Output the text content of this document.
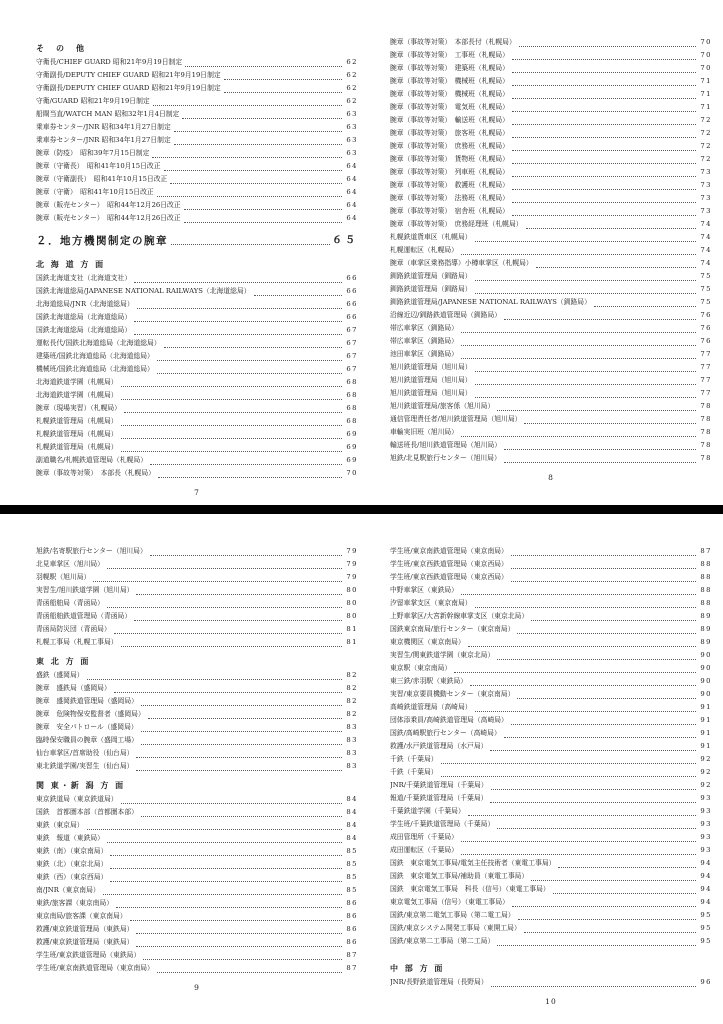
そ　の　他
守衛長/CHIEF GUARD 昭和21年9月19日制定	62
守衛副長/DEPUTY CHIEF GUARD 昭和21年9月19日制定	62
守衛副長/DEPUTY CHIEF GUARD 昭和21年9月19日制定	62
守衛/GUARD 昭和21年9月19日制定	62
船閘当直/WATCH MAN 昭和32年1月4日制定	63
乗車券センター/JNR 昭和34年1月27日制定	63
乗車券センター/JNR 昭和34年1月27日制定	63
腕章（防疫）　昭和39年7月15日制定	63
腕章（守衛長）　昭和41年10月15日改正	64
腕章（守衛副長）　昭和41年10月15日改正	64
腕章（守衛）　昭和41年10月15日改正	64
腕章（販売センター）　昭和44年12月26日改正	64
腕章（販売センター）　昭和44年12月26日改正	64
２．地方機関制定の腕章	６５
北 海 道 方 面
国鉄北海道支社（北海道支社）	66
国鉄北海道総局/JAPANESE NATIONAL RAILWAYS（北海道総局）	66
北海道総局/JNR（北海道総局）	66
国鉄北海道総局（北海道総局）	66
国鉄北海道総局（北海道総局）	67
運転長代/国鉄北海道総局（北海道総局）	67
建築班/国鉄北海道総局（北海道総局）	67
機械班/国鉄北海道総局（北海道総局）	67
北海道鉄道学園（札幌局）	68
北海道鉄道学園（札幌局）	68
腕章（現場実習）（札幌局）	68
札幌鉄道管理局（札幌局）	68
札幌鉄道管理局（札幌局）	69
札幌鉄道管理局（札幌局）	69
副道職名/札幌鉄道管理局（札幌局）	69
腕章（事故等対策）　本部長（札幌局）	70
7
腕章（事故等対策）　本部長付（札幌局）	70
腕章（事故等対策）　工事班（札幌局）	70
腕章（事故等対策）　建築班（札幌局）	70
腕章（事故等対策）　機械班（札幌局）	71
腕章（事故等対策）　機械班（札幌局）	71
腕章（事故等対策）　電気班（札幌局）	71
腕章（事故等対策）　輸送班（札幌局）	72
腕章（事故等対策）　旅客班（札幌局）	72
腕章（事故等対策）　庶務班（札幌局）	72
腕章（事故等対策）　貨物班（札幌局）	72
腕章（事故等対策）　列車班（札幌局）	73
腕章（事故等対策）　救護班（札幌局）	73
腕章（事故等対策）　法務班（札幌局）	73
腕章（事故等対策）　宿舎班（札幌局）	73
腕章（事故等対策）　庶務経理班（札幌局）	74
札幌鉄道貨車区（札幌局）	74
札幌運転区（札幌局）	74
腕章（車掌区乗務指導）小樽車掌区（札幌局）	74
釧路鉄道管理局（釧路局）	75
釧路鉄道管理局（釧路局）	75
釧路鉄道管理局/JAPANESE NATIONAL RAILWAYS（釧路局）	75
沿線近辺/釧路鉄道管理局（釧路局）	76
帯広車掌区（釧路局）	76
帯広車掌区（釧路局）	76
池田車掌区（釧路局）	77
旭川鉄道管理局（旭川局）	77
旭川鉄道管理局（旭川局）	77
旭川鉄道管理局（旭川局）	77
旭川鉄道管理局/旅客係（旭川局）	78
通信管理責任者/旭川鉄道管理局（旭川局）	78
車輪実旧班（旭川局）	78
輸送班長/旭川鉄道管理局（旭川局）	78
旭鉄/北見駅旅行センター（旭川局）	78
8
旭鉄/名寄駅旅行センター（旭川局）	79
北見車掌区（旭川局）	79
羽幌駅（旭川局）	79
実習生/旭川鉄道学園（旭川局）	80
青函船舶局（青函局）	80
青函船舶鉄道管理局（青函局）	80
青函局防災団（青函局）	81
札幌工事局（札幌工事局）	81
東 北 方 面
盛鉄（盛岡局）	82
腕章　盛鉄局（盛岡局）	82
腕章　盛岡鉄道管理局（盛岡局）	82
腕章　危険物保安監督者（盛岡局）	82
腕章　安全パトロール（盛岡局）	83
臨時保安職員の腕章（盛岡工場）	83
仙台車掌区/首席助役（仙台局）	83
東北鉄道学園/実習生（仙台局）	83
関 東・新 潟 方 面
東京鉄道局（東京鉄道局）	84
国鉄　首都圏本部（首都圏本部）	84
東鉄（東京局）	84
東鉄　報道（東鉄局）	84
東鉄（南）（東京南局）	85
東鉄（北）（東京北局）	85
東鉄（西）（東京西局）	85
南/JNR（東京南局）	85
東鉄/旅客課（東京南局）	86
東京南局/旅客課（東京南局）	86
救護/東京鉄道管理局（東鉄局）	86
救護/東京鉄道管理局（東鉄局）	86
学生班/東京鉄道管理局（東鉄局）	87
学生班/東京南鉄道管理局（東京南局）	87
9
学生班/東京南鉄道管理局（東京南局）	87
学生班/東京西鉄道管理局（東京西局）	88
学生班/東京西鉄道管理局（東京西局）	88
中野車掌区（東鉄局）	88
汐留車掌支区（東京南局）	88
上野車掌区/大宮新幹線車掌支区（東京北局）	89
国鉄東京南局/旅行センター（東京南局）	89
東京機関区（東京南局）	89
実習生/関東鉄道学園（東京北局）	90
東京駅（東京南局）	90
東三鉄/赤羽駅（東鉄局）	90
実習/東京要員機動センター（東京南局）	90
高崎鉄道管理局（高崎局）	91
団体添乗員/高崎鉄道管理局（高崎局）	91
国鉄/高崎駅旅行センター（高崎局）	91
救護/水戸鉄道管理局（水戸局）	91
千鉄（千葉局）	92
千鉄（千葉局）	92
JNR/千葉鉄道管理局（千葉局）	92
報道/千葉鉄道管理局（千葉局）	93
千葉鉄道学園（千葉局）	93
学生班/千葉鉄道管理局（千葉局）	93
成田管理所（千葉局）	93
成田運転区（千葉局）	93
国鉄　東京電気工事局/電気主任技術者（東電工事局）	94
国鉄　東京電気工事局/補助員（東電工事局）	94
国鉄　東京電気工事局　科長（信号）（東電工事局）	94
東京電気工事局（信号）（東電工事局）	94
国鉄/東京第二電気工事局（第二電工局）	95
国鉄/東京システム開発工事局（東開工局）	95
国鉄/東京第二工事局（第二工局）	95
中 部 方 面
JNR/長野鉄道管理局（長野局）	96
10
